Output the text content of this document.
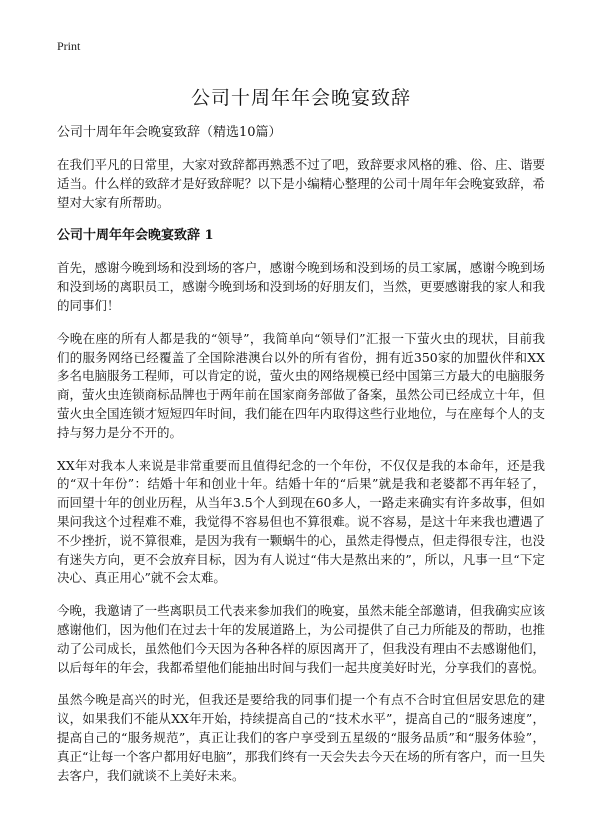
Print
公司十周年年会晚宴致辞

公司十周年年会晚宴致辞（精选10篇）

在我们平凡的日常里，大家对致辞都再熟悉不过了吧，致辞要求风格的雅、俗、庄、谐要适当。什么样的致辞才是好致辞呢？以下是小编精心整理的公司十周年年会晚宴致辞，希望对大家有所帮助。

公司十周年年会晚宴致辞 1

首先，感谢今晚到场和没到场的客户，感谢今晚到场和没到场的员工家属，感谢今晚到场和没到场的离职员工，感谢今晚到场和没到场的好朋友们，当然，更要感谢我的家人和我的同事们！

今晚在座的所有人都是我的“领导”，我简单向“领导们”汇报一下萤火虫的现状，目前我们的服务网络已经覆盖了全国除港澳台以外的所有省份，拥有近350家的加盟伙伴和XX多名电脑服务工程师，可以肯定的说，萤火虫的网络规模已经中国第三方最大的电脑服务商，萤火虫连锁商标品牌也于两年前在国家商务部做了备案，虽然公司已经成立十年，但萤火虫全国连锁才短短四年时间，我们能在四年内取得这些行业地位，与在座每个人的支持与努力是分不开的。

XX年对我本人来说是非常重要而且值得纪念的一个年份，不仅仅是我的本命年，还是我的“双十年份”：结婚十年和创业十年。结婚十年的“后果”就是我和老婆都不再年轻了，而回望十年的创业历程，从当年3.5个人到现在60多人，一路走来确实有许多故事，但如果问我这个过程难不难，我觉得不容易但也不算很难。说不容易，是这十年来我也遭遇了不少挫折，说不算很难，是因为我有一颗蜗牛的心，虽然走得慢点，但走得很专注，也没有迷失方向，更不会放弃目标，因为有人说过“伟大是熬出来的”，所以，凡事一旦“下定决心、真正用心”就不会太难。

今晚，我邀请了一些离职员工代表来参加我们的晚宴，虽然未能全部邀请，但我确实应该感谢他们，因为他们在过去十年的发展道路上，为公司提供了自己力所能及的帮助，也推动了公司成长，虽然他们今天因为各种各样的原因离开了，但我没有理由不去感谢他们，以后每年的年会，我都希望他们能抽出时间与我们一起共度美好时光，分享我们的喜悦。

虽然今晚是高兴的时光，但我还是要给我的同事们提一个有点不合时宜但居安思危的建议，如果我们不能从XX年开始，持续提高自己的“技术水平”，提高自己的“服务速度”，提高自己的“服务规范”，真正让我们的客户享受到五星级的“服务品质”和“服务体验”，真正“让每一个客户都用好电脑”，那我们终有一天会失去今天在场的所有客户，而一旦失去客户，我们就谈不上美好未来。
